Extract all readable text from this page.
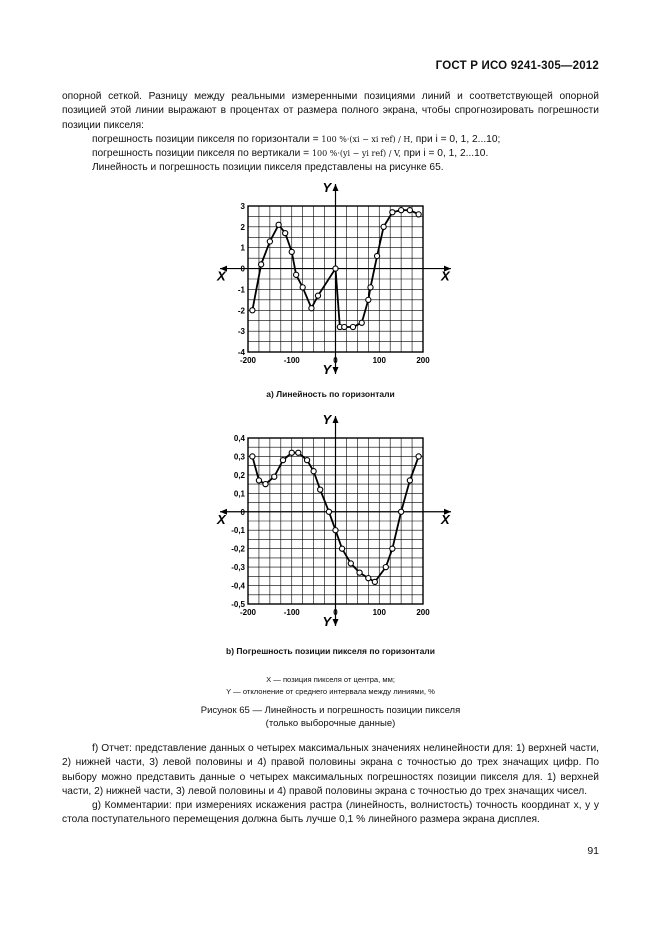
ГОСТ Р ИСО 9241-305—2012

опорной сеткой. Разницу между реальными измеренными позициями линий и соответствующей опорной позицией этой линии выражают в процентах от размера полного экрана, чтобы спрогнозировать погрешности позиции пикселя:

погрешность позиции пикселя по горизонтали = 100 %·(xi − xi ref) / H, при i = 0, 1, 2...10;

погрешность позиции пикселя по вертикали = 100 %·(yi − yi ref) / V, при i = 0, 1, 2...10.

Линейность и погрешность позиции пикселя представлены на рисунке 65.

Y
Y
X	X
3
2
1
0
-1
-2
-3
-4
-200	-100	0	100	200
a) Линейность по горизонтали
Y
Y
X	X
0,4
0,3
0,2
0,1
0
-0,1
-0,2
-0,3
-0,4
-0,5
-200	-100	0	100	200
b) Погрешность позиции пикселя по горизонтали
X — позиция пикселя от центра, мм;
Y — отклонение от среднего интервала между линиями, %
Рисунок 65 — Линейность и погрешность позиции пикселя
(только выборочные данные)

f) Отчет: представление данных о четырех максимальных значениях нелинейности для: 1) верхней части, 2) нижней части, 3) левой половины и 4) правой половины экрана с точностью до трех значащих цифр. По выбору можно представить данные о четырех максимальных погрешностях позиции пикселя для. 1) верхней части, 2) нижней части, 3) левой половины и 4) правой половины экрана с точностью до трех значащих чисел.

g) Комментарии: при измерениях искажения растра (линейность, волнистость) точность координат x, y у стола поступательного перемещения должна быть лучше 0,1 % линейного размера экрана дисплея.

91
